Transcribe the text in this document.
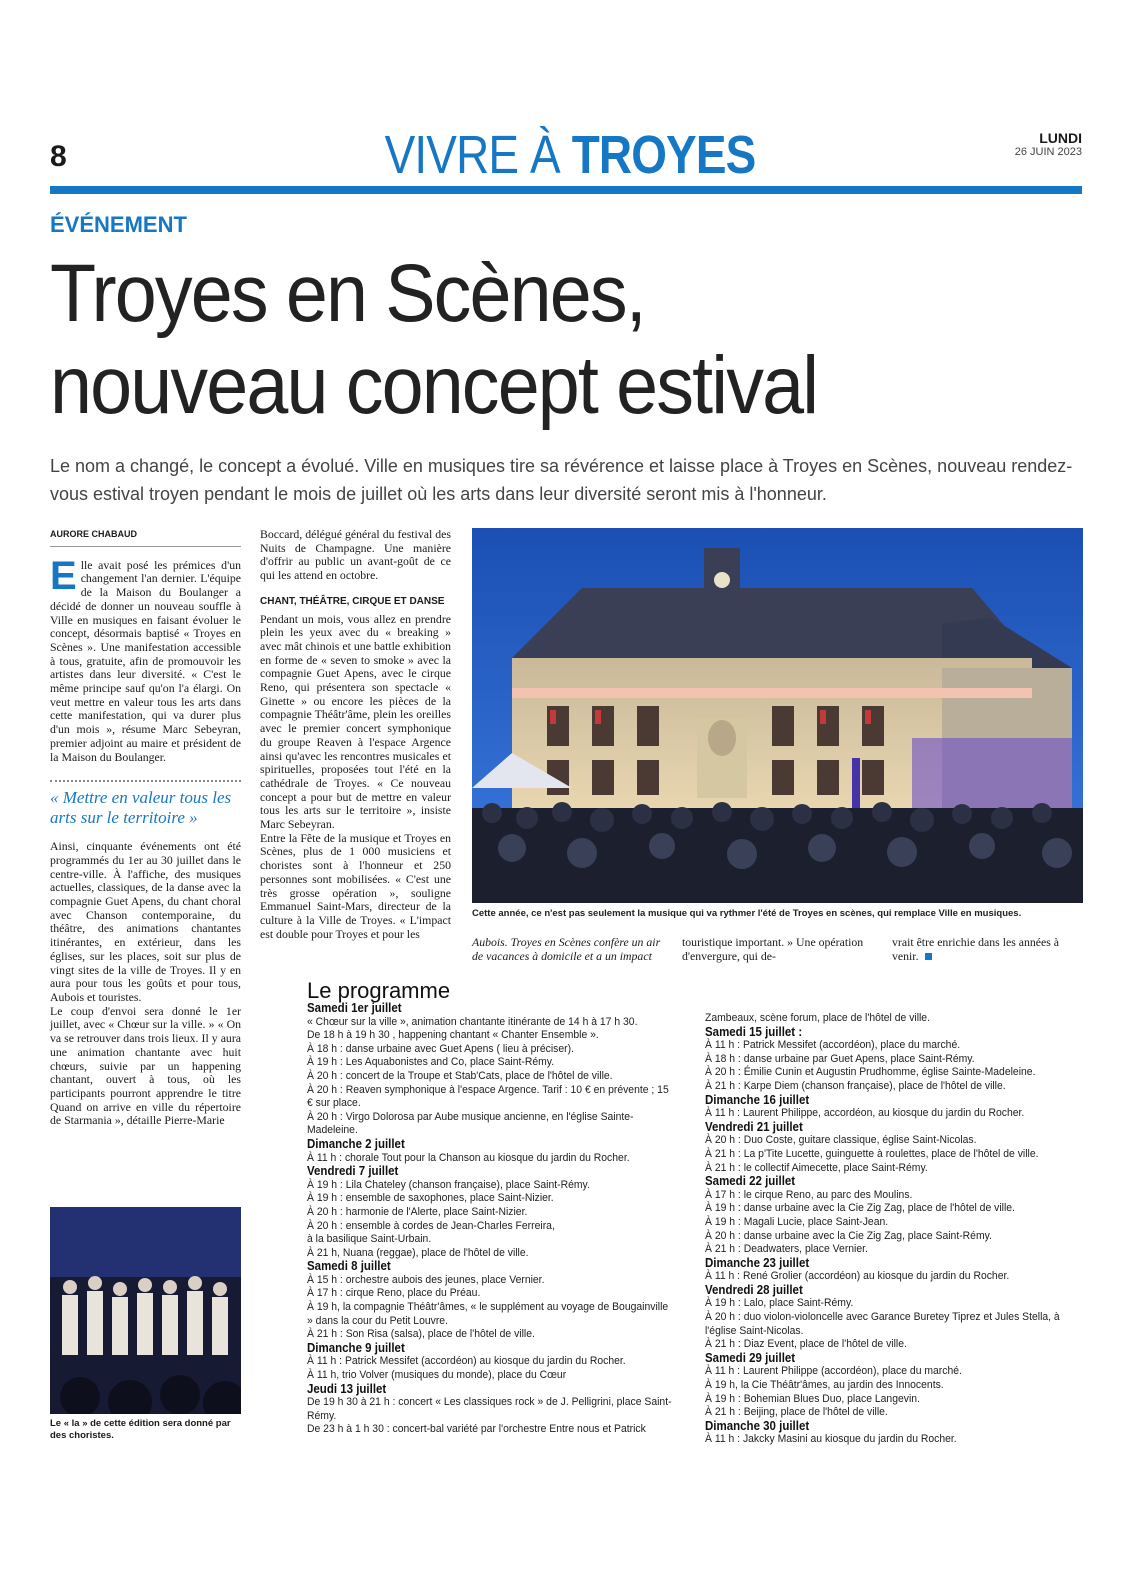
8	VIVRE À TROYES	LUNDI
26 JUIN 2023
ÉVÉNEMENT
Troyes en Scènes,
nouveau concept estival
Le nom a changé, le concept a évolué. Ville en musiques tire sa révérence et laisse place à Troyes en Scènes, nouveau rendez-vous estival troyen pendant le mois de juillet où les arts dans leur diversité seront mis à l'honneur.
AURORE CHABAUD

Elle avait posé les prémices d'un changement l'an dernier. L'équipe de la Maison du Boulanger a décidé de donner un nouveau souffle à Ville en musiques en faisant évoluer le concept, désormais baptisé « Troyes en Scènes ». Une manifestation accessible à tous, gratuite, afin de promouvoir les artistes dans leur diversité. « C'est le même principe sauf qu'on l'a élargi. On veut mettre en valeur tous les arts dans cette manifestation, qui va durer plus d'un mois », résume Marc Sebeyran, premier adjoint au maire et président de la Maison du Boulanger.

« Mettre en valeur tous les arts sur le territoire »

Ainsi, cinquante événements ont été programmés du 1er au 30 juillet dans le centre-ville. À l'affiche, des musiques actuelles, classiques, de la danse avec la compagnie Guet Apens, du chant choral avec Chanson contemporaine, du théâtre, des animations chantantes itinérantes, en extérieur, dans les églises, sur les places, soit sur plus de vingt sites de la ville de Troyes. Il y en aura pour tous les goûts et pour tous, Aubois et touristes.

Le coup d'envoi sera donné le 1er juillet, avec « Chœur sur la ville. » « On va se retrouver dans trois lieux. Il y aura une animation chantante avec huit chœurs, suivie par un happening chantant, ouvert à tous, où les participants pourront apprendre le titre Quand on arrive en ville du répertoire de Starmania », détaille Pierre-Marie

Boccard, délégué général du festival des Nuits de Champagne. Une manière d'offrir au public un avant-goût de ce qui les attend en octobre.

CHANT, THÉÂTRE, CIRQUE ET DANSE

Pendant un mois, vous allez en prendre plein les yeux avec du « breaking » avec mât chinois et une battle exhibition en forme de « seven to smoke » avec la compagnie Guet Apens, avec le cirque Reno, qui présentera son spectacle « Ginette » ou encore les pièces de la compagnie Théâtr'âme, plein les oreilles avec le premier concert symphonique du groupe Reaven à l'espace Argence ainsi qu'avec les rencontres musicales et spirituelles, proposées tout l'été en la cathédrale de Troyes. « Ce nouveau concept a pour but de mettre en valeur tous les arts sur le territoire », insiste Marc Sebeyran.

Entre la Fête de la musique et Troyes en Scènes, plus de 1 000 musiciens et choristes sont à l'honneur et 250 personnes sont mobilisées. « C'est une très grosse opération », souligne Emmanuel Saint-Mars, directeur de la culture à la Ville de Troyes. « L'impact est double pour Troyes et pour les

Cette année, ce n'est pas seulement la musique qui va rythmer l'été de Troyes en scènes, qui remplace Ville en musiques.
Aubois. Troyes en Scènes confère un air de vacances à domicile et a un impact
touristique important. » Une opération d'envergure, qui de-
vrait être enrichie dans les années à venir.
Le « la » de cette édition sera donné par des choristes.
Le programme
Samedi 1er juillet
« Chœur sur la ville », animation chantante itinérante de 14 h à 17 h 30.
De 18 h à 19 h 30 , happening chantant « Chanter Ensemble ».
À 18 h : danse urbaine avec Guet Apens ( lieu à préciser).
À 19 h : Les Aquabonistes and Co, place Saint-Rémy.
À 20 h : concert de la Troupe et Stab'Cats, place de l'hôtel de ville.
À 20 h : Reaven symphonique à l'espace Argence. Tarif : 10 € en prévente ; 15 € sur place.
À 20 h : Virgo Dolorosa par Aube musique ancienne, en l'église Sainte-Madeleine.
Dimanche 2 juillet
À 11 h : chorale Tout pour la Chanson au kiosque du jardin du Rocher.
Vendredi 7 juillet
À 19 h : Lila Chateley (chanson française), place Saint-Rémy.
À 19 h : ensemble de saxophones, place Saint-Nizier.
À 20 h : harmonie de l'Alerte, place Saint-Nizier.
À 20 h : ensemble à cordes de Jean-Charles Ferreira,
à la basilique Saint-Urbain.
À 21 h, Nuana (reggae), place de l'hôtel de ville.
Samedi 8 juillet
À 15 h : orchestre aubois des jeunes, place Vernier.
À 17 h : cirque Reno, place du Préau.
À 19 h, la compagnie Théâtr'âmes, « le supplément au voyage de Bougainville » dans la cour du Petit Louvre.
À 21 h : Son Risa (salsa), place de l'hôtel de ville.
Dimanche 9 juillet
À 11 h : Patrick Messifet (accordéon) au kiosque du jardin du Rocher.
À 11 h, trio Volver (musiques du monde), place du Cœur
Jeudi 13 juillet
De 19 h 30 à 21 h : concert « Les classiques rock » de J. Pelligrini, place Saint-Rémy.
De 23 h à 1 h 30 : concert-bal variété par l'orchestre Entre nous et Patrick
Zambeaux, scène forum, place de l'hôtel de ville.
Samedi 15 juillet :
À 11 h : Patrick Messifet (accordéon), place du marché.
À 18 h : danse urbaine par Guet Apens, place Saint-Rémy.
À 20 h : Émilie Cunin et Augustin Prudhomme, église Sainte-Madeleine.
À 21 h : Karpe Diem (chanson française), place de l'hôtel de ville.
Dimanche 16 juillet
À 11 h : Laurent Philippe, accordéon, au kiosque du jardin du Rocher.
Vendredi 21 juillet
À 20 h : Duo Coste, guitare classique, église Saint-Nicolas.
À 21 h : La p'Tite Lucette, guinguette à roulettes, place de l'hôtel de ville.
À 21 h : le collectif Aimecette, place Saint-Rémy.
Samedi 22 juillet
À 17 h : le cirque Reno, au parc des Moulins.
À 19 h : danse urbaine avec la Cie Zig Zag, place de l'hôtel de ville.
À 19 h : Magali Lucie, place Saint-Jean.
À 20 h : danse urbaine avec la Cie Zig Zag, place Saint-Rémy.
À 21 h : Deadwaters, place Vernier.
Dimanche 23 juillet
À 11 h : René Grolier (accordéon) au kiosque du jardin du Rocher.
Vendredi 28 juillet
À 19 h : Lalo, place Saint-Rémy.
À 20 h : duo violon-violoncelle avec Garance Buretey Tiprez et Jules Stella, à l'église Saint-Nicolas.
À 21 h : Diaz Event, place de l'hôtel de ville.
Samedi 29 juillet
À 11 h : Laurent Philippe (accordéon), place du marché.
À 19 h, la Cie Théâtr'âmes, au jardin des Innocents.
À 19 h : Bohemian Blues Duo, place Langevin.
À 21 h : Beijing, place de l'hôtel de ville.
Dimanche 30 juillet
À 11 h : Jakcky Masini au kiosque du jardin du Rocher.
